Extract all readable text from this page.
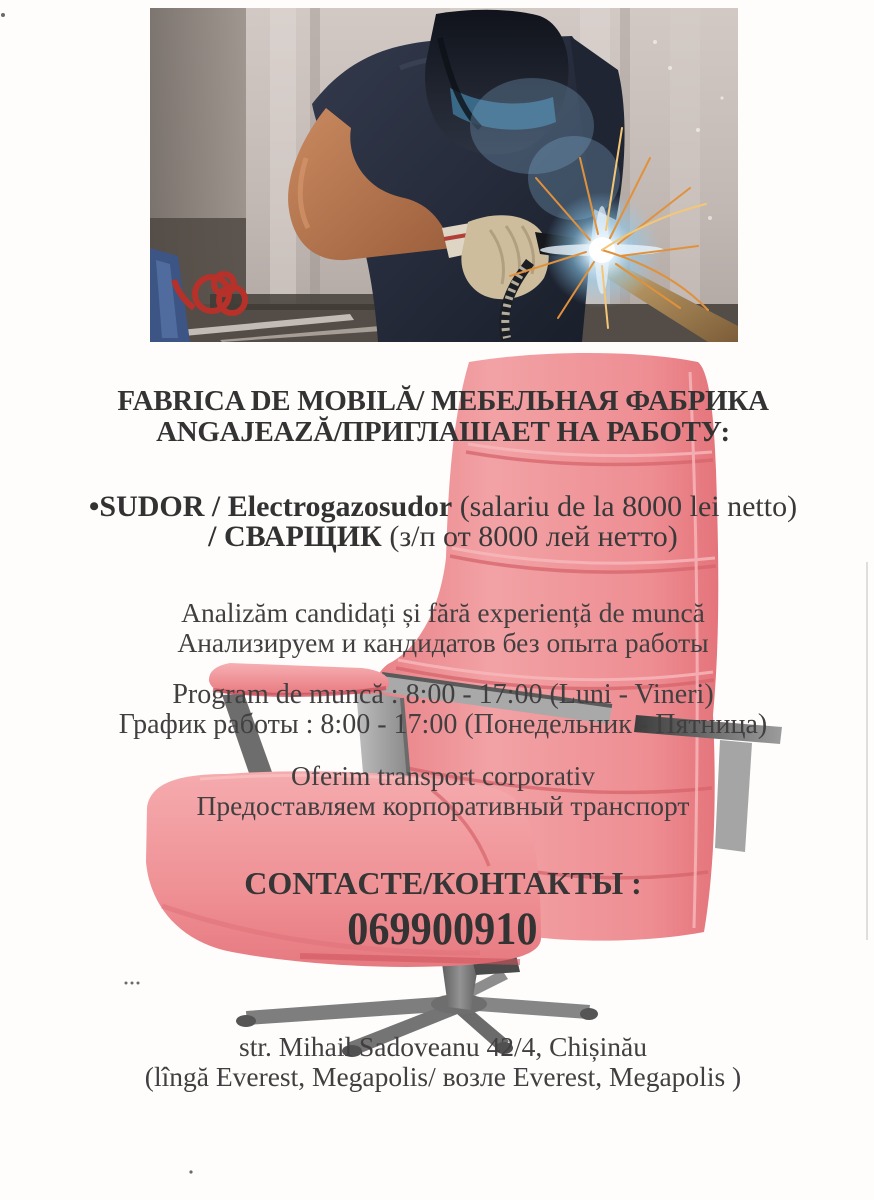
FABRICA DE MOBILĂ/ МЕБЕЛЬНАЯ ФАБРИКА
ANGAJEAZĂ/ПРИГЛАШАЕТ НА РАБОТУ:
•SUDOR / Electrogazosudor (salariu de la 8000 lei netto)
/ СВАРЩИК (з/п от 8000 лей нетто)
Analizăm candidați și fără experiență de muncă
Анализируем и кандидатов без опыта работы
Program de muncă : 8:00 - 17:00 (Luni - Vineri)
График работы : 8:00 - 17:00 (Понедельник - Пятница)
Oferim transport corporativ
Предоставляем корпоративный транспорт
CONTACTE/КОНТАКТЫ :
069900910
str. Mihail Sadoveanu 42/4, Chișinău
(lîngă Everest, Megapolis/ возле Everest, Megapolis )
